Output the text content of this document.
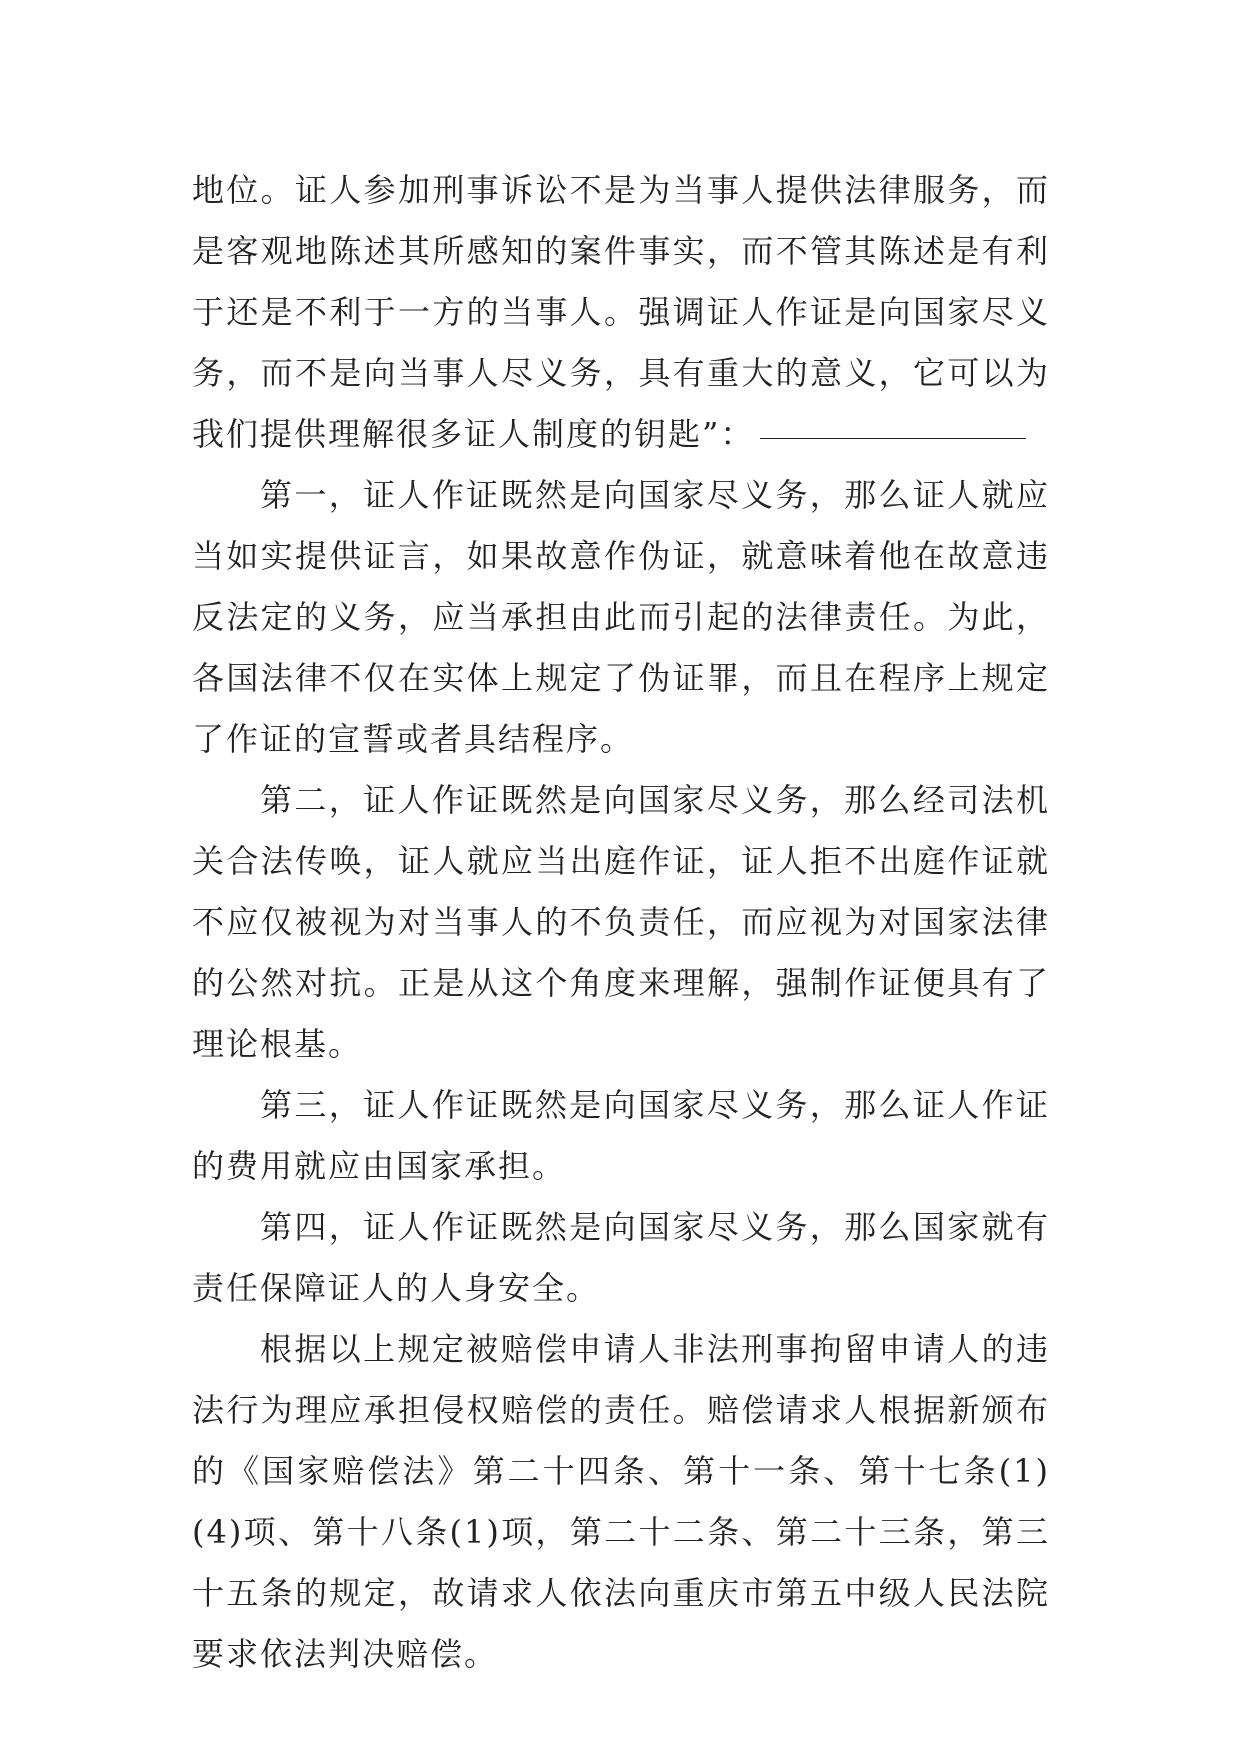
地位。证人参加刑事诉讼不是为当事人提供法律服务，而是客观地陈述其所感知的案件事实，而不管其陈述是有利于还是不利于一方的当事人。强调证人作证是向国家尽义务，而不是向当事人尽义务，具有重大的意义，它可以为我们提供理解很多证人制度的钥匙”：

第一，证人作证既然是向国家尽义务，那么证人就应当如实提供证言，如果故意作伪证，就意味着他在故意违反法定的义务，应当承担由此而引起的法律责任。为此，各国法律不仅在实体上规定了伪证罪，而且在程序上规定了作证的宣誓或者具结程序。

第二，证人作证既然是向国家尽义务，那么经司法机关合法传唤，证人就应当出庭作证，证人拒不出庭作证就不应仅被视为对当事人的不负责任，而应视为对国家法律的公然对抗。正是从这个角度来理解，强制作证便具有了理论根基。

第三，证人作证既然是向国家尽义务，那么证人作证的费用就应由国家承担。

第四，证人作证既然是向国家尽义务，那么国家就有责任保障证人的人身安全。

根据以上规定被赔偿申请人非法刑事拘留申请人的违法行为理应承担侵权赔偿的责任。赔偿请求人根据新颁布的《国家赔偿法》第二十四条、第十一条、第十七条(1)(4)项、第十八条(1)项，第二十二条、第二十三条，第三十五条的规定，故请求人依法向重庆市第五中级人民法院要求依法判决赔偿。
